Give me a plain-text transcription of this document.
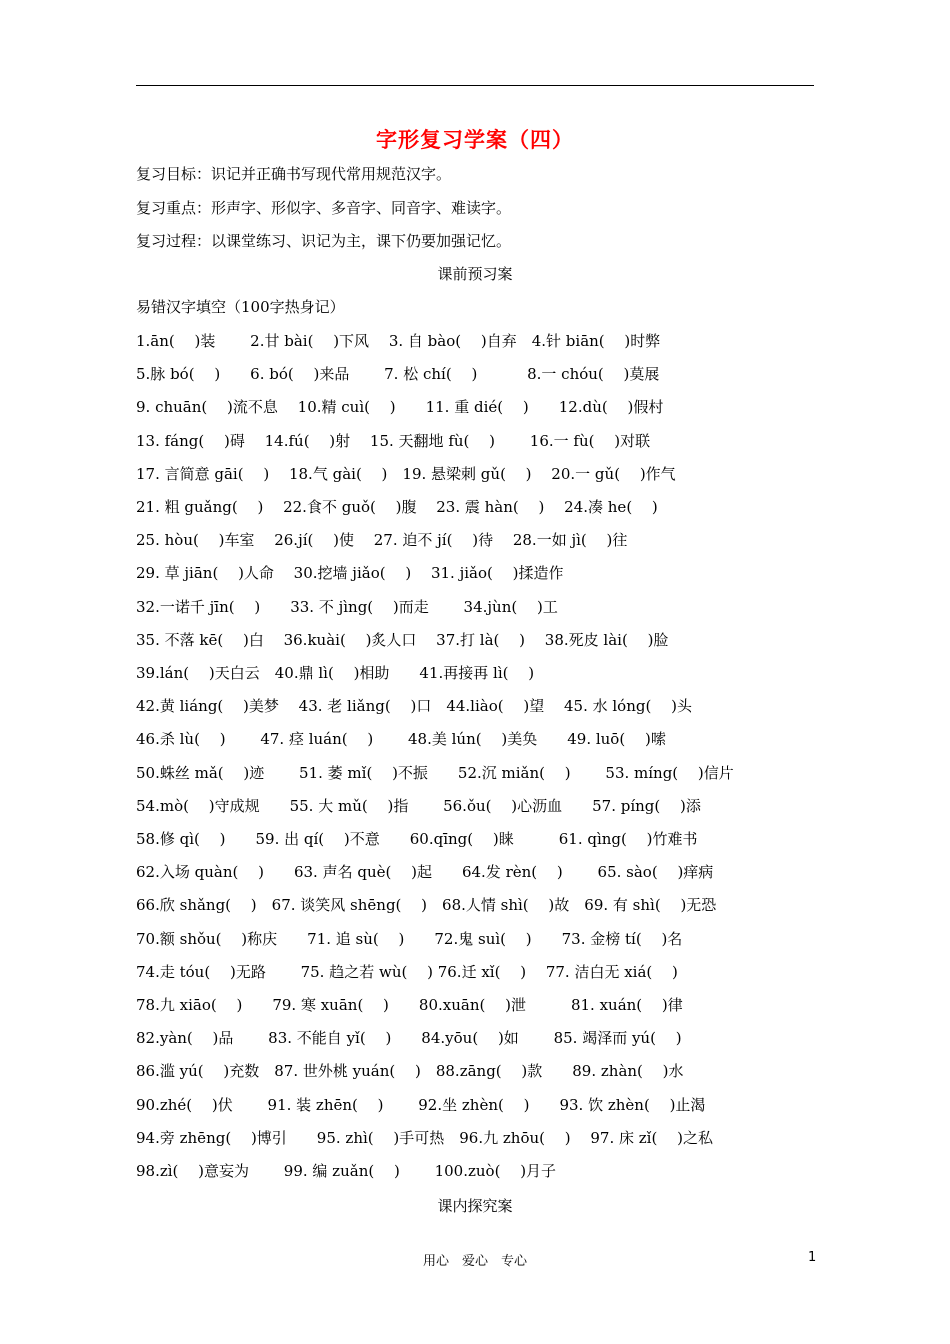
字形复习学案（四）
复习目标：识记并正确书写现代常用规范汉字。
复习重点：形声字、形似字、多音字、同音字、难读字。
复习过程：以课堂练习、识记为主，课下仍要加强记忆。
课前预习案
易错汉字填空（100字热身记）
1.ān(　 )装　　 2.甘 bài(　 )下风　 3. 自 bào(　 )自弃　4.针 biān(　 )时弊
5.脉 bó(　 )　　6. bó(　 )来品　　 7. 松 chí(　 )　　　 8.一 chóu(　 )莫展
9. chuān(　 )流不息　 10.精 cuì(　 )　　11. 重 dié(　 )　　12.dù(　 )假村
13. fáng(　 )碍　 14.fú(　 )射　 15. 天翻地 fù(　 )　　 16.一 fù(　 )对联
17. 言简意 gāi(　 )　 18.气 gài(　 )　19. 悬梁刺 gǔ(　 )　 20.一 gǔ(　 )作气
21. 粗 guǎng(　 )　 22.食不 guǒ(　 )腹　 23. 震 hàn(　 )　 24.凑 he(　 )
25. hòu(　 )车室　 26.jí(　 )使　 27. 迫不 jí(　 )待　 28.一如 jì(　 )往
29. 草 jiān(　 )人命　 30.挖墙 jiǎo(　 )　 31. jiǎo(　 )揉造作
32.一诺千 jīn(　 )　　33. 不 jìng(　 )而走　　 34.jùn(　 )工
35. 不落 kē(　 )白　 36.kuài(　 )炙人口　 37.打 là(　 )　 38.死皮 lài(　 )脸
39.lán(　 )天白云　40.鼎 lì(　 )相助　　41.再接再 lì(　 )
42.黄 liáng(　 )美梦　 43. 老 liǎng(　 )口　44.liào(　 )望　 45. 水 lóng(　 )头
46.杀 lù(　 )　　 47. 痉 luán(　 )　　 48.美 lún(　 )美奂　　49. luō(　 )嗦
50.蛛丝 mǎ(　 )迹　　 51. 萎 mǐ(　 )不振　　52.沉 miǎn(　 )　　 53. míng(　 )信片
54.mò(　 )守成规　　55. 大 mǔ(　 )指　　 56.ǒu(　 )心沥血　　57. píng(　 )添
58.修 qì(　 )　　59. 出 qí(　 )不意　　60.qīng(　 )睐　　　61. qìng(　 )竹难书
62.入场 quàn(　 )　　63. 声名 què(　 )起　　64.发 rèn(　 )　　 65. sào(　 )痒病
66.欣 shǎng(　 )　67. 谈笑风 shēng(　 )　68.人情 shì(　 )故　69. 有 shì(　 )无恐
70.额 shǒu(　 )称庆　　71. 追 sù(　 )　　72.鬼 suì(　 )　　73. 金榜 tí(　 )名
74.走 tóu(　 )无路　　 75. 趋之若 wù(　 ) 76.迁 xǐ(　 )　 77. 洁白无 xiá(　 )
78.九 xiāo(　 )　　79. 寒 xuān(　 )　　80.xuān(　 )泄　　　81. xuán(　 )律
82.yàn(　 )品　　 83. 不能自 yǐ(　 )　　84.yōu(　 )如　　 85. 竭泽而 yú(　 )
86.滥 yú(　 )充数　87. 世外桃 yuán(　 )　88.zāng(　 )款　　89. zhàn(　 )水
90.zhé(　 )伏　　 91. 装 zhēn(　 )　　 92.坐 zhèn(　 )　　93. 饮 zhèn(　 )止渴
94.旁 zhēng(　 )博引　　95. zhì(　 )手可热　96.九 zhōu(　 )　 97. 床 zǐ(　 )之私
98.zì(　 )意妄为　　 99. 编 zuǎn(　 )　　 100.zuò(　 )月子
课内探究案
用心　爱心　专心	1
